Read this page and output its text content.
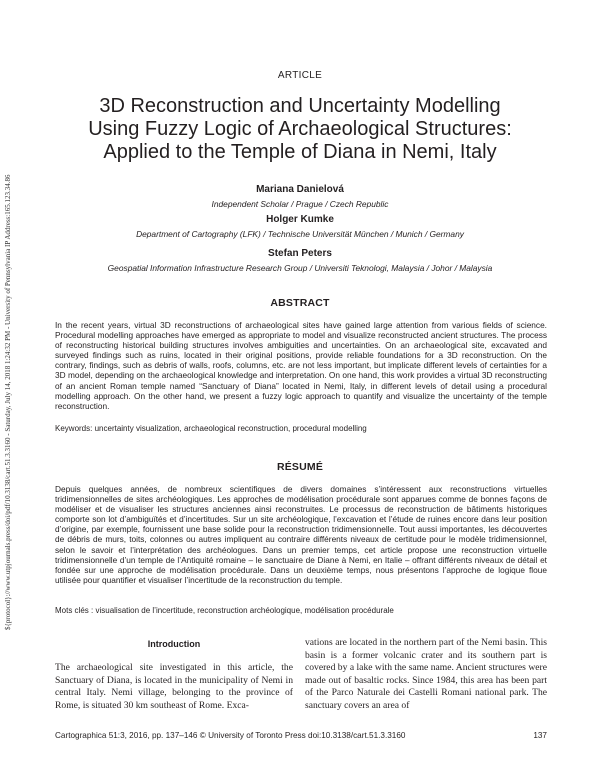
${protocol}://www.utpjournals.press/doi/pdf/10.3138/cart.51.3.3160 - Saturday, July 14, 2018 1:24:32 PM - University of Pennsylvania IP Address:165.123.34.86
ARTICLE
3D Reconstruction and Uncertainty Modelling
Using Fuzzy Logic of Archaeological Structures:
Applied to the Temple of Diana in Nemi, Italy
Mariana Danielová
Independent Scholar / Prague / Czech Republic
Holger Kumke
Department of Cartography (LFK) / Technische Universität München / Munich / Germany
Stefan Peters
Geospatial Information Infrastructure Research Group / Universiti Teknologi, Malaysia / Johor / Malaysia
ABSTRACT

In the recent years, virtual 3D reconstructions of archaeological sites have gained large attention from various fields of science. Procedural modelling approaches have emerged as appropriate to model and visualize reconstructed ancient structures. The process of reconstructing historical building structures involves ambiguities and uncertainties. On an archaeological site, excavated and surveyed findings such as ruins, located in their original positions, provide reliable foundations for a 3D reconstruction. On the contrary, findings, such as debris of walls, roofs, columns, etc. are not less important, but implicate different levels of certainties for a 3D model, depending on the archaeological knowledge and interpretation. On one hand, this work provides a virtual 3D reconstructing of an ancient Roman temple named “Sanctuary of Diana” located in Nemi, Italy, in different levels of detail using a procedural modelling approach. On the other hand, we present a fuzzy logic approach to quantify and visualize the uncertainty of the temple reconstruction.

Keywords: uncertainty visualization, archaeological reconstruction, procedural modelling
RÉSUMÉ

Depuis quelques années, de nombreux scientifiques de divers domaines s’intéressent aux reconstructions virtuelles tridimensionnelles de sites archéologiques. Les approches de modélisation procédurale sont apparues comme de bonnes façons de modéliser et de visualiser les structures anciennes ainsi reconstruites. Le processus de reconstruction de bâtiments historiques comporte son lot d’ambiguïtés et d’incertitudes. Sur un site archéologique, l’excavation et l’étude de ruines encore dans leur position d’origine, par exemple, fournissent une base solide pour la reconstruction tridimensionnelle. Tout aussi importantes, les découvertes de débris de murs, toits, colonnes ou autres impliquent au contraire différents niveaux de certitude pour le modèle tridimensionnel, selon le savoir et l’interprétation des archéologues. Dans un premier temps, cet article propose une reconstruction virtuelle tridimensionnelle d’un temple de l’Antiquité romaine – le sanctuaire de Diane à Nemi, en Italie – offrant différents niveaux de détail et fondée sur une approche de modélisation procédurale. Dans un deuxième temps, nous présentons l’approche de logique floue utilisée pour quantifier et visualiser l’incertitude de la reconstruction du temple.

Mots clés : visualisation de l’incertitude, reconstruction archéologique, modélisation procédurale
Introduction

The archaeological site investigated in this article, the Sanctuary of Diana, is located in the municipality of Nemi in central Italy. Nemi village, belonging to the province of Rome, is situated 30 km southeast of Rome. Exca-

vations are located in the northern part of the Nemi basin. This basin is a former volcanic crater and its southern part is covered by a lake with the same name. Ancient structures were made out of basaltic rocks. Since 1984, this area has been part of the Parco Naturale dei Castelli Romani national park. The sanctuary covers an area of

Cartographica 51:3, 2016, pp. 137–146 © University of Toronto Press doi:10.3138/cart.51.3.3160	137
